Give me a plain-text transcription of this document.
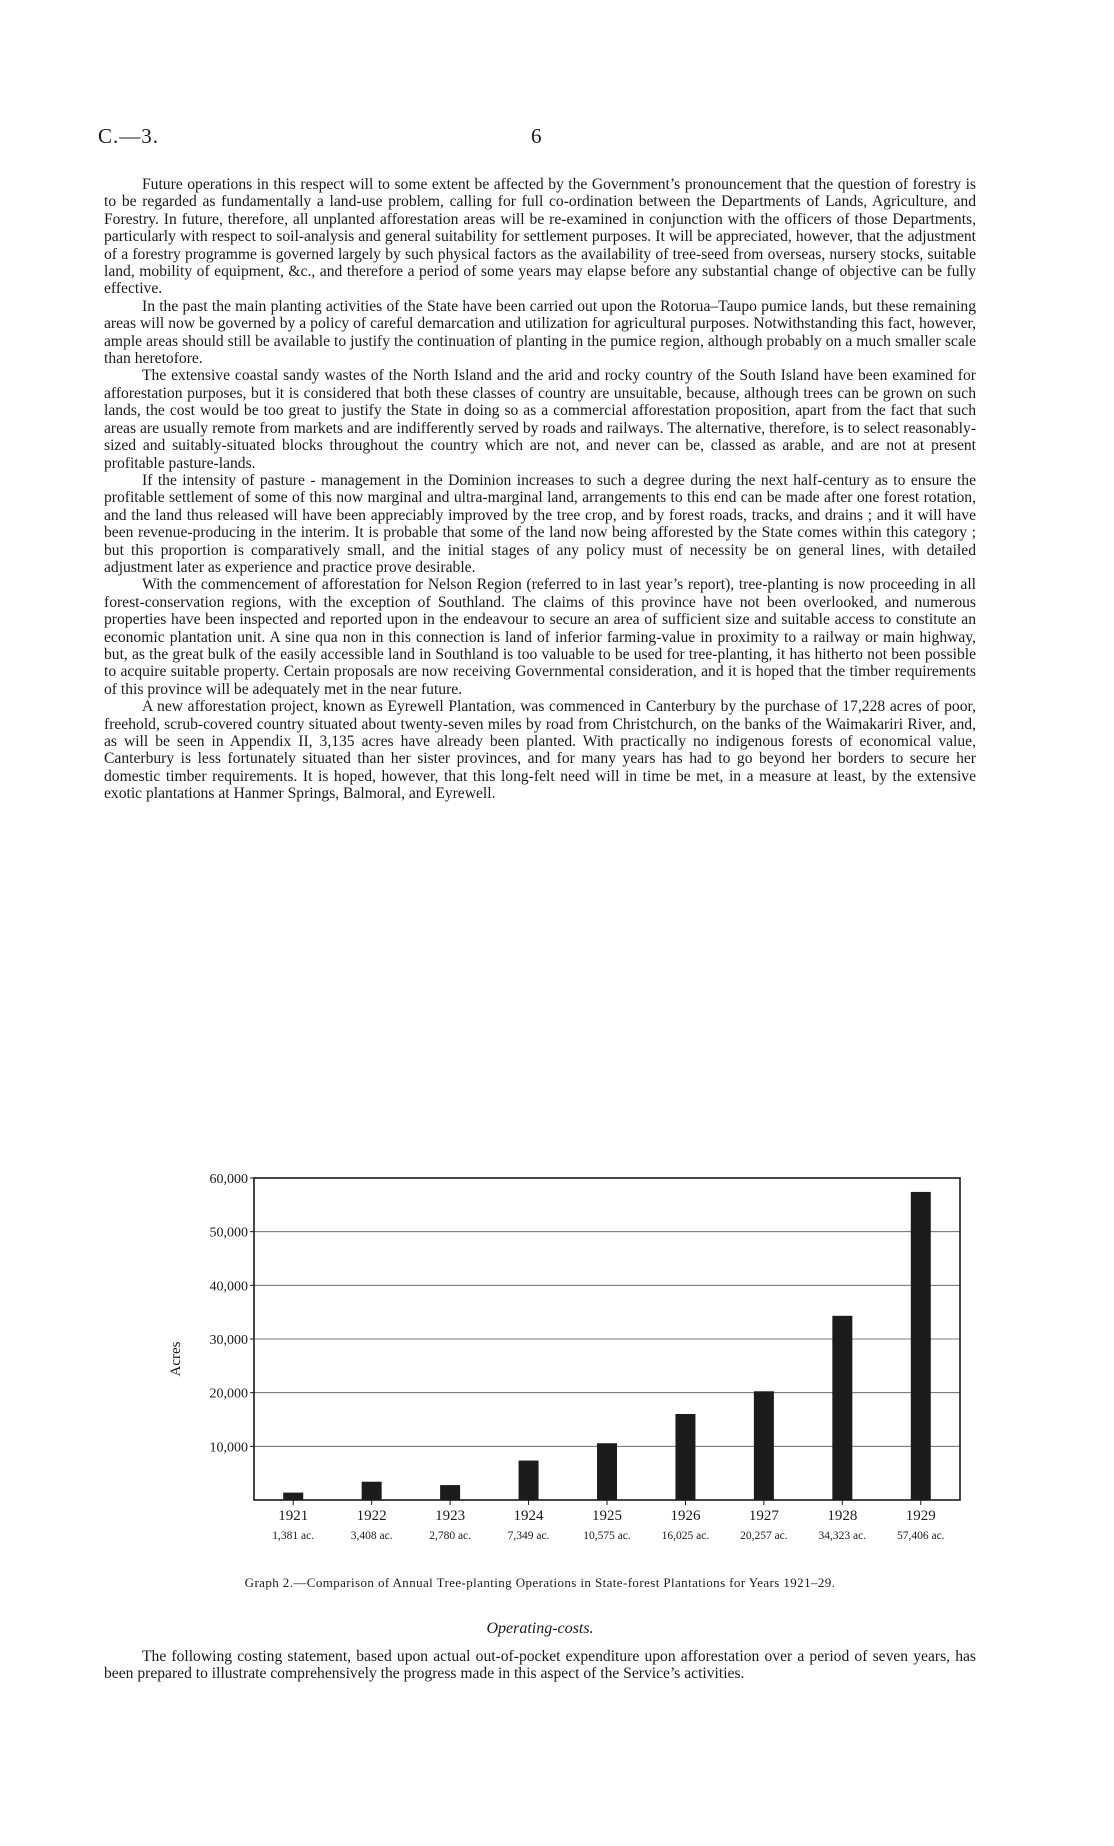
C.—3.	6

Future operations in this respect will to some extent be affected by the Government’s pronouncement that the question of forestry is to be regarded as fundamentally a land-use problem, calling for full co-ordination between the Departments of Lands, Agriculture, and Forestry. In future, therefore, all unplanted afforestation areas will be re-examined in conjunction with the officers of those Departments, particularly with respect to soil-analysis and general suitability for settlement purposes. It will be appreciated, however, that the adjustment of a forestry programme is governed largely by such physical factors as the availability of tree-seed from overseas, nursery stocks, suitable land, mobility of equipment, &c., and therefore a period of some years may elapse before any substantial change of objective can be fully effective.

In the past the main planting activities of the State have been carried out upon the Rotorua–Taupo pumice lands, but these remaining areas will now be governed by a policy of careful demarcation and utilization for agricultural purposes. Notwithstanding this fact, however, ample areas should still be available to justify the continuation of planting in the pumice region, although probably on a much smaller scale than heretofore.

The extensive coastal sandy wastes of the North Island and the arid and rocky country of the South Island have been examined for afforestation purposes, but it is considered that both these classes of country are unsuitable, because, although trees can be grown on such lands, the cost would be too great to justify the State in doing so as a commercial afforestation proposition, apart from the fact that such areas are usually remote from markets and are indifferently served by roads and railways. The alternative, therefore, is to select reasonably-sized and suitably-situated blocks throughout the country which are not, and never can be, classed as arable, and are not at present profitable pasture-lands.

If the intensity of pasture - management in the Dominion increases to such a degree during the next half-century as to ensure the profitable settlement of some of this now marginal and ultra-marginal land, arrangements to this end can be made after one forest rotation, and the land thus released will have been appreciably improved by the tree crop, and by forest roads, tracks, and drains ; and it will have been revenue-producing in the interim. It is probable that some of the land now being afforested by the State comes within this category ; but this proportion is comparatively small, and the initial stages of any policy must of necessity be on general lines, with detailed adjustment later as experience and practice prove desirable.

With the commencement of afforestation for Nelson Region (referred to in last year’s report), tree-planting is now proceeding in all forest-conservation regions, with the exception of Southland. The claims of this province have not been overlooked, and numerous properties have been inspected and reported upon in the endeavour to secure an area of sufficient size and suitable access to constitute an economic plantation unit. A sine qua non in this connection is land of inferior farming-value in proximity to a railway or main highway, but, as the great bulk of the easily accessible land in Southland is too valuable to be used for tree-planting, it has hitherto not been possible to acquire suitable property. Certain proposals are now receiving Governmental consideration, and it is hoped that the timber requirements of this province will be adequately met in the near future.

A new afforestation project, known as Eyrewell Plantation, was commenced in Canterbury by the purchase of 17,228 acres of poor, freehold, scrub-covered country situated about twenty-seven miles by road from Christchurch, on the banks of the Waimakariri River, and, as will be seen in Appendix II, 3,135 acres have already been planted. With practically no indigenous forests of economical value, Canterbury is less fortunately situated than her sister provinces, and for many years has had to go beyond her borders to secure her domestic timber requirements. It is hoped, however, that this long-felt need will in time be met, in a measure at least, by the extensive exotic plantations at Hanmer Springs, Balmoral, and Eyrewell.

10,000
20,000
30,000
40,000
50,000
60,000
1921	1922	1923	1924	1925	1926	1927	1928	1929
1,381 ac.	3,408 ac.	2,780 ac.	7,349 ac.	10,575 ac.	16,025 ac.	20,257 ac.	34,323 ac.	57,406 ac.
Acres
Graph 2.—Comparison of Annual Tree-planting Operations in State-forest Plantations for Years 1921–29.
Operating-costs.

The following costing statement, based upon actual out-of-pocket expenditure upon afforestation over a period of seven years, has been prepared to illustrate comprehensively the progress made in this aspect of the Service’s activities.
